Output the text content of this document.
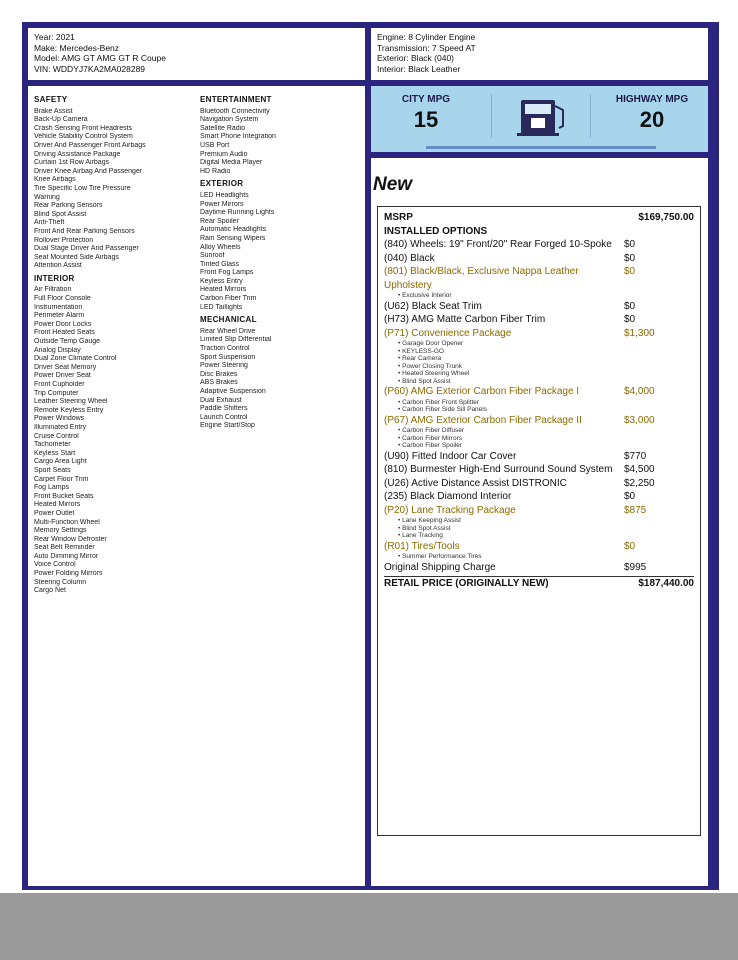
Year: 2021
Make: Mercedes-Benz
Model: AMG GT AMG GT R Coupe
VIN: WDDYJ7KA2MA028289
Engine: 8 Cylinder Engine
Transmission: 7 Speed AT
Exterior: Black (040)
Interior: Black Leather
SAFETY
Brake Assist
Back-Up Camera
Crash Sensing Front Headrests
Vehicle Stability Control System
Driver And Passenger Front Airbags
Driving Assistance Package
Curtain 1st Row Airbags
Driver Knee Airbag And Passenger
Knee Airbags
Tire Specific Low Tire Pressure
Warning
Rear Parking Sensors
Blind Spot Assist
Anti-Theft
Front And Rear Parking Sensors
Rollover Protection
Dual Stage Driver And Passenger
Seat Mounted Side Airbags
Attention Assist
INTERIOR
Air Filtration
Full Floor Console
Instrumentation
Perimeter Alarm
Power Door Locks
Front Heated Seats
Outside Temp Gauge
Analog Display
Dual Zone Climate Control
Driver Seat Memory
Power Driver Seat
Front Cupholder
Trip Computer
Leather Steering Wheel
Remote Keyless Entry
Power Windows
Illuminated Entry
Cruise Control
Tachometer
Keyless Start
Cargo Area Light
Sport Seats
Carpet Floor Trim
Fog Lamps
Front Bucket Seats
Heated Mirrors
Power Outlet
Multi-Function Wheel
Memory Settings
Rear Window Defroster
Seat Belt Reminder
Auto Dimming Mirror
Voice Control
Power Folding Mirrors
Steering Column
Cargo Net
ENTERTAINMENT
Bluetooth Connectivity
Navigation System
Satellite Radio
Smart Phone Integration
USB Port
Premium Audio
Digital Media Player
HD Radio
EXTERIOR
LED Headlights
Power Mirrors
Daytime Running Lights
Rear Spoiler
Automatic Headlights
Rain Sensing Wipers
Alloy Wheels
Sunroof
Tinted Glass
Front Fog Lamps
Keyless Entry
Heated Mirrors
Carbon Fiber Trim
LED Taillights
MECHANICAL
Rear Wheel Drive
Limited Slip Differential
Traction Control
Sport Suspension
Power Steering
Disc Brakes
ABS Brakes
Adaptive Suspension
Dual Exhaust
Paddle Shifters
Launch Control
Engine Start/Stop
CITY MPG
15
HIGHWAY MPG
20
New
MSRP	$169,750.00
INSTALLED OPTIONS
(840) Wheels: 19" Front/20" Rear Forged 10-Spoke	$0
(040) Black	$0
(801) Black/Black, Exclusive Nappa Leather Upholstery
$0
• Exclusive Interior
(U62) Black Seat Trim	$0
(H73) AMG Matte Carbon Fiber Trim	$0
(P71) Convenience Package	$1,300
• Garage Door Opener
• KEYLESS-GO
• Rear Camera
• Power Closing Trunk
• Heated Steering Wheel
• Blind Spot Assist
(P60) AMG Exterior Carbon Fiber Package I	$4,000
• Carbon Fiber Front Splitter
• Carbon Fiber Side Sill Panels
(P67) AMG Exterior Carbon Fiber Package II	$3,000
• Carbon Fiber Diffuser
• Carbon Fiber Mirrors
• Carbon Fiber Spoiler
(U90) Fitted Indoor Car Cover	$770
(810) Burmester High-End Surround Sound System	$4,500
(U26) Active Distance Assist DISTRONIC	$2,250
(235) Black Diamond Interior	$0
(P20) Lane Tracking Package	$875
• Lane Keeping Assist
• Blind Spot Assist
• Lane Tracking
(R01) Tires/Tools	$0
• Summer Performance Tires
Original Shipping Charge	$995
RETAIL PRICE (ORIGINALLY NEW)	$187,440.00
